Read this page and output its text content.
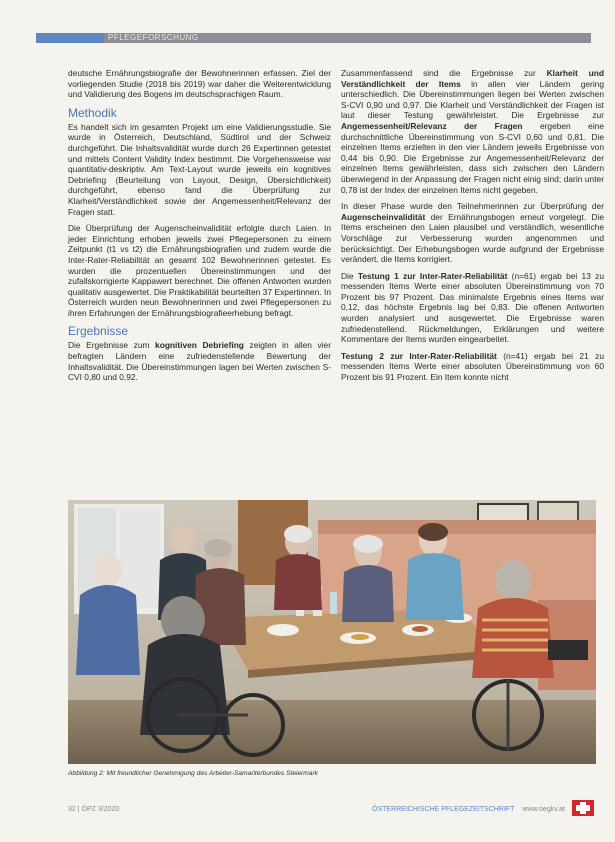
PFLEGEFORSCHUNG

deutsche Ernährungsbiografie der Bewohnerinnen erfassen. Ziel der vorliegenden Studie (2018 bis 2019) war daher die Weiterentwicklung und Validierung des Bogens im deutschsprachigen Raum.

Methodik

Es handelt sich im gesamten Projekt um eine Validierungsstudie. Sie wurde in Österreich, Deutschland, Südtirol und der Schweiz durchgeführt. Die Inhaltsvalidität wurde durch 26 Expertinnen getestet und mittels Content Validity Index bestimmt. Die Vorgehensweise war quantitativ-deskriptiv. Am Text-Layout wurde jeweils ein kognitives Debriefing (Beurteilung von Layout, Design, Übersichtlichkeit) durchgeführt, ebenso fand die Überprüfung zur Klarheit/Verständlichkeit sowie der Angemessenheit/Relevanz der Fragen statt.

Die Überprüfung der Augenscheinvalidität erfolgte durch Laien. In jeder Einrichtung erhoben jeweils zwei Pflegepersonen zu einem Zeitpunkt (t1 vs t2) die Ernährungsbiografien und zudem wurde die Inter-Rater-Reliabilität an gesamt 102 Bewohnerinnen getestet. Es wurden die prozentuellen Übereinstimmungen und der zufallskorrigierte Kappawert berechnet. Die offenen Antworten wurden qualitativ ausgewertet. Die Praktikabilität beurteilten 37 Expertinnen. In Österreich wurden neun Bewohnerinnen und zwei Pflegepersonen zu ihren Erfahrungen der Ernährungsbiografieerhebung befragt.

Ergebnisse

Die Ergebnisse zum kognitiven Debriefing zeigten in allen vier befragten Ländern eine zufriedenstellende Bewertung der Inhaltsvalidität. Die Übereinstimmungen lagen bei Werten zwischen S-CVI 0,80 und 0,92.

Zusammenfassend sind die Ergebnisse zur Klarheit und Verständlichkeit der Items in allen vier Ländern gering unterschiedlich. Die Übereinstimmungen liegen bei Werten zwischen S-CVI 0,90 und 0,97. Die Klarheit und Verständlichkeit der Fragen ist laut dieser Testung gewährleistet. Die Ergebnisse zur Angemessenheit/Relevanz der Fragen ergeben eine durchschnittliche Übereinstimmung von S-CVI 0,60 und 0,81. Die einzelnen Items erzielten in den vier Ländern jeweils Ergebnisse von 0,44 bis 0,90. Die Ergebnisse zur Angemessenheit/Relevanz der einzelnen Items gewährleisten, dass sich zwischen den Ländern überwiegend in der Anpassung der Fragen nicht einig sind; darin unter 0,78 ist der Index der einzelnen Items nicht gegeben.

In dieser Phase wurde den Teilnehmerinnen zur Überprüfung der Augenscheinvalidität der Ernährungsbogen erneut vorgelegt. Die Items erscheinen den Laien plausibel und verständlich, wesentliche Vorschläge zur Verbesserung wurden angenommen und berücksichtigt. Der Erhebungsbogen wurde aufgrund der Ergebnisse verändert, die Items korrigiert.

Die Testung 1 zur Inter-Rater-Reliabilität (n=61) ergab bei 13 zu messenden Items Werte einer absoluten Übereinstimmung von 70 Prozent bis 97 Prozent. Das minimalste Ergebnis eines Items war 0,12, das höchste Ergebnis lag bei 0,83. Die offenen Antworten wurden analysiert und ausgewertet. Die Ergebnisse waren zufriedenstellend. Rückmeldungen, Erklärungen und weitere Kommentare der Items wurden eingearbeitet.

Testung 2 zur Inter-Rater-Reliabilität (n=41) ergab bei 21 zu messenden Items Werte einer absoluten Übereinstimmung von 60 Prozent bis 91 Prozent. Ein Item konnte nicht

Abbildung 2: Mit freundlicher Genehmigung des Arbeiter-Samariterbundes Steiermark
32 | ÖPZ 3/2020	ÖSTERREICHISCHE PFLEGEZEITSCHRIFT www.oegkv.at
